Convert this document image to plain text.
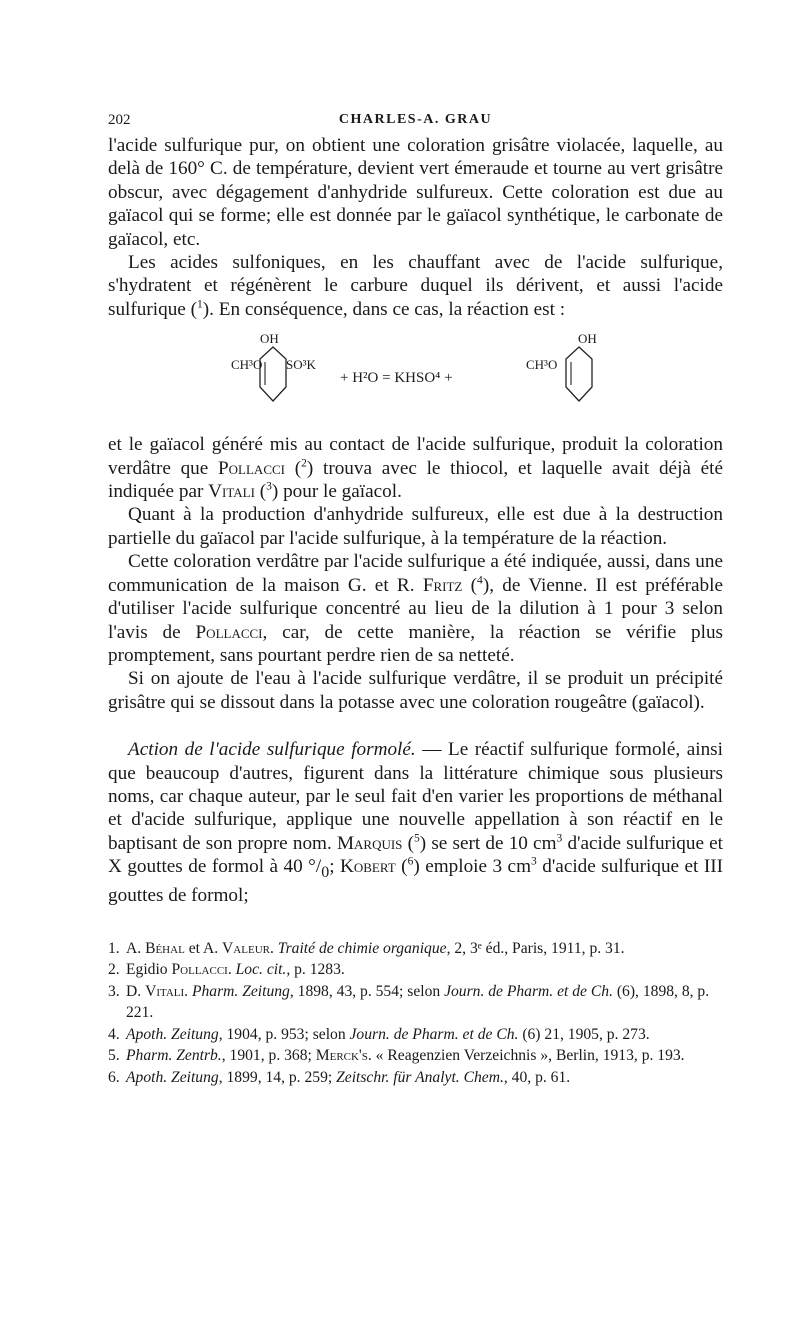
202	CHARLES-A. GRAU

l'acide sulfurique pur, on obtient une coloration grisâtre violacée, laquelle, au delà de 160° C. de température, devient vert émeraude et tourne au vert grisâtre obscur, avec dégagement d'anhydride sulfureux. Cette coloration est due au gaïacol qui se forme; elle est donnée par le gaïacol synthétique, le carbonate de gaïacol, etc.

Les acides sulfoniques, en les chauffant avec de l'acide sulfurique, s'hydratent et régénèrent le carbure duquel ils dérivent, et aussi l'acide sulfurique ($^1$). En conséquence, dans ce cas, la réaction est :

OH
CH³O SO³K
+ H²O = KHSO⁴ +
OH
CH³O

et le gaïacol généré mis au contact de l'acide sulfurique, produit la coloration verdâtre que Pollacci ($^2$) trouva avec le thiocol, et laquelle avait déjà été indiquée par Vitali ($^3$) pour le gaïacol.

Quant à la production d'anhydride sulfureux, elle est due à la destruction partielle du gaïacol par l'acide sulfurique, à la température de la réaction.

Cette coloration verdâtre par l'acide sulfurique a été indiquée, aussi, dans une communication de la maison G. et R. Fritz ($^4$), de Vienne. Il est préférable d'utiliser l'acide sulfurique concentré au lieu de la dilution à 1 pour 3 selon l'avis de Pollacci, car, de cette manière, la réaction se vérifie plus promptement, sans pourtant perdre rien de sa netteté.

Si on ajoute de l'eau à l'acide sulfurique verdâtre, il se produit un précipité grisâtre qui se dissout dans la potasse avec une coloration rougeâtre (gaïacol).

Action de l'acide sulfurique formolé. — Le réactif sulfurique formolé, ainsi que beaucoup d'autres, figurent dans la littérature chimique sous plusieurs noms, car chaque auteur, par le seul fait d'en varier les proportions de méthanal et d'acide sulfurique, applique une nouvelle appellation à son réactif en le baptisant de son propre nom. Marquis ($^5$) se sert de 10 $cm^3$ d'acide sulfurique et X gouttes de formol à 40 $^\circ/_0$; Kobert ($^6$) emploie 3 $cm^3$ d'acide sulfurique et III gouttes de formol;

1. A. Béhal et A. Valeur. Traité de chimie organique, 2, 3ᵉ éd., Paris, 1911, p. 31.

2. Egidio Pollacci. Loc. cit., p. 1283.

3. D. Vitali. Pharm. Zeitung, 1898, 43, p. 554; selon Journ. de Pharm. et de Ch. (6), 1898, 8, p. 221.

4. Apoth. Zeitung, 1904, p. 953; selon Journ. de Pharm. et de Ch. (6) 21, 1905, p. 273.

5. Pharm. Zentrb., 1901, p. 368; Merck's. « Reagenzien Verzeichnis », Berlin, 1913, p. 193.

6. Apoth. Zeitung, 1899, 14, p. 259; Zeitschr. für Analyt. Chem., 40, p. 61.
